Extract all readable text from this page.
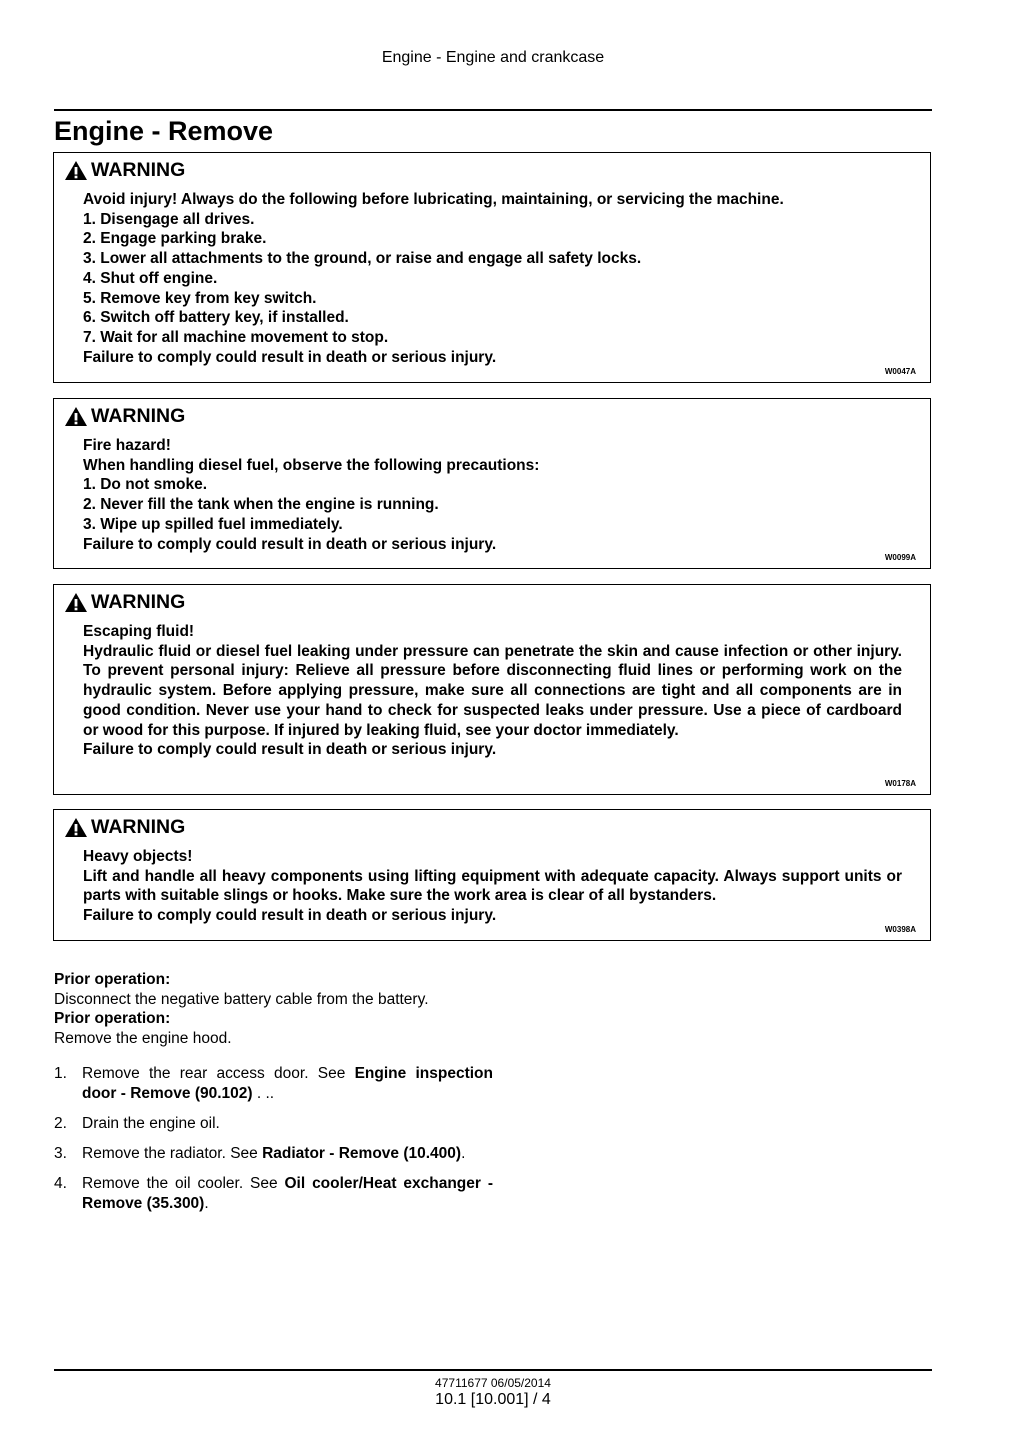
Engine - Engine and crankcase
Engine - Remove
WARNING

Avoid injury! Always do the following before lubricating, maintaining, or servicing the machine.

1. Disengage all drives.

2. Engage parking brake.

3. Lower all attachments to the ground, or raise and engage all safety locks.

4. Shut off engine.

5. Remove key from key switch.

6. Switch off battery key, if installed.

7. Wait for all machine movement to stop.

Failure to comply could result in death or serious injury.

W0047A
WARNING

Fire hazard!

When handling diesel fuel, observe the following precautions:

1. Do not smoke.

2. Never fill the tank when the engine is running.

3. Wipe up spilled fuel immediately.

Failure to comply could result in death or serious injury.

W0099A
WARNING

Escaping fluid!

Hydraulic fluid or diesel fuel leaking under pressure can penetrate the skin and cause infection or other injury. To prevent personal injury: Relieve all pressure before disconnecting fluid lines or performing work on the hydraulic system. Before applying pressure, make sure all connections are tight and all components are in good condition. Never use your hand to check for suspected leaks under pressure. Use a piece of cardboard or wood for this purpose. If injured by leaking fluid, see your doctor immediately.

Failure to comply could result in death or serious injury.

W0178A
WARNING

Heavy objects!

Lift and handle all heavy components using lifting equipment with adequate capacity. Always support units or parts with suitable slings or hooks. Make sure the work area is clear of all bystanders.

Failure to comply could result in death or serious injury.

W0398A

Prior operation:

Disconnect the negative battery cable from the battery.

Prior operation:

Remove the engine hood.

1. Remove the rear access door. See Engine inspection door - Remove (90.102) . ..
2. Drain the engine oil.
3. Remove the radiator. See Radiator - Remove (10.400).
4. Remove the oil cooler. See Oil cooler/Heat exchanger - Remove (35.300).
47711677 06/05/2014
10.1 [10.001] / 4
